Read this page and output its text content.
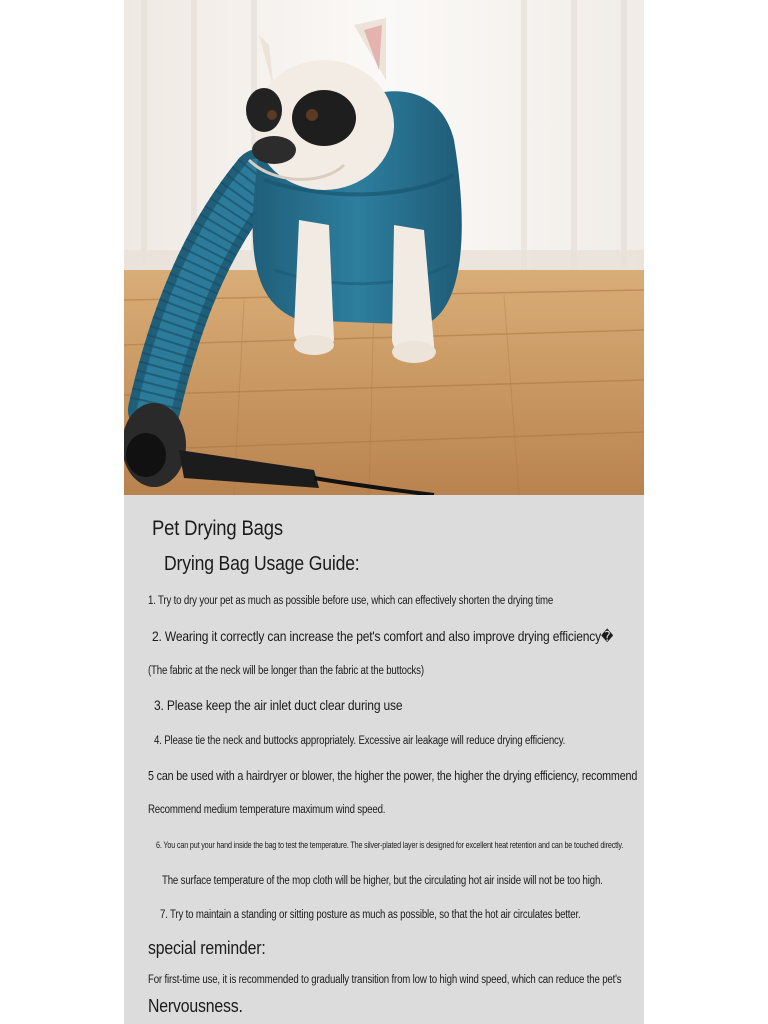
Pet Drying Bags
Drying Bag Usage Guide:
1. Try to dry your pet as much as possible before use, which can effectively shorten the drying time
2. Wearing it correctly can increase the pet's comfort and also improve drying efficiency�
(The fabric at the neck will be longer than the fabric at the buttocks)
3. Please keep the air inlet duct clear during use
4. Please tie the neck and buttocks appropriately. Excessive air leakage will reduce drying efficiency.
5 can be used with a hairdryer or blower, the higher the power, the higher the drying efficiency, recommend
Recommend medium temperature maximum wind speed.
6. You can put your hand inside the bag to test the temperature. The silver-plated layer is designed for excellent heat retention and can be touched directly.
The surface temperature of the mop cloth will be higher, but the circulating hot air inside will not be too high.
7. Try to maintain a standing or sitting posture as much as possible, so that the hot air circulates better.
special reminder:
For first-time use, it is recommended to gradually transition from low to high wind speed, which can reduce the pet's
Nervousness.
